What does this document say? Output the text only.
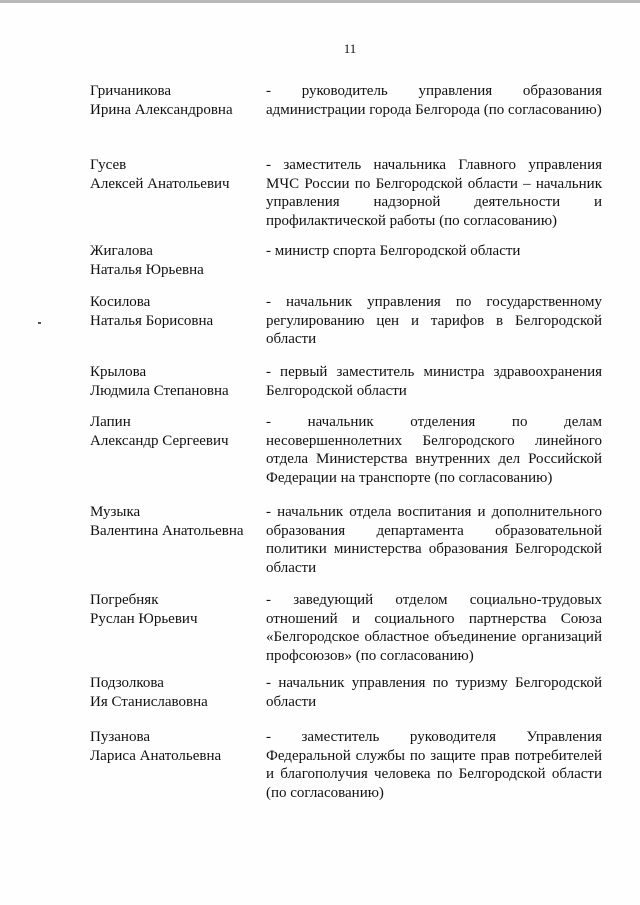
11
Гричаникова
Ирина Александровна
- руководитель управления образования администрации города Белгорода (по согласованию)
Гусев
Алексей Анатольевич
- заместитель начальника Главного управления МЧС России по Белгородской области – начальник управления надзорной деятельности и профилактической работы (по согласованию)
Жигалова
Наталья Юрьевна
- министр спорта Белгородской области
Косилова
Наталья Борисовна
- начальник управления по государственному регулированию цен и тарифов в Белгородской области
Крылова
Людмила Степановна
- первый заместитель министра здравоохранения Белгородской области
Лапин
Александр Сергеевич
- начальник отделения по делам несовершеннолетних Белгородского линейного отдела Министерства внутренних дел Российской Федерации на транспорте (по согласованию)
Музыка
Валентина Анатольевна
- начальник отдела воспитания и дополнительного образования департамента образовательной политики министерства образования Белгородской области
Погребняк
Руслан Юрьевич
- заведующий отделом социально-трудовых отношений и социального партнерства Союза «Белгородское областное объединение организаций профсоюзов» (по согласованию)
Подзолкова
Ия Станиславовна
- начальник управления по туризму Белгородской области
Пузанова
Лариса Анатольевна
- заместитель руководителя Управления Федеральной службы по защите прав потребителей и благополучия человека по Белгородской области (по согласованию)
